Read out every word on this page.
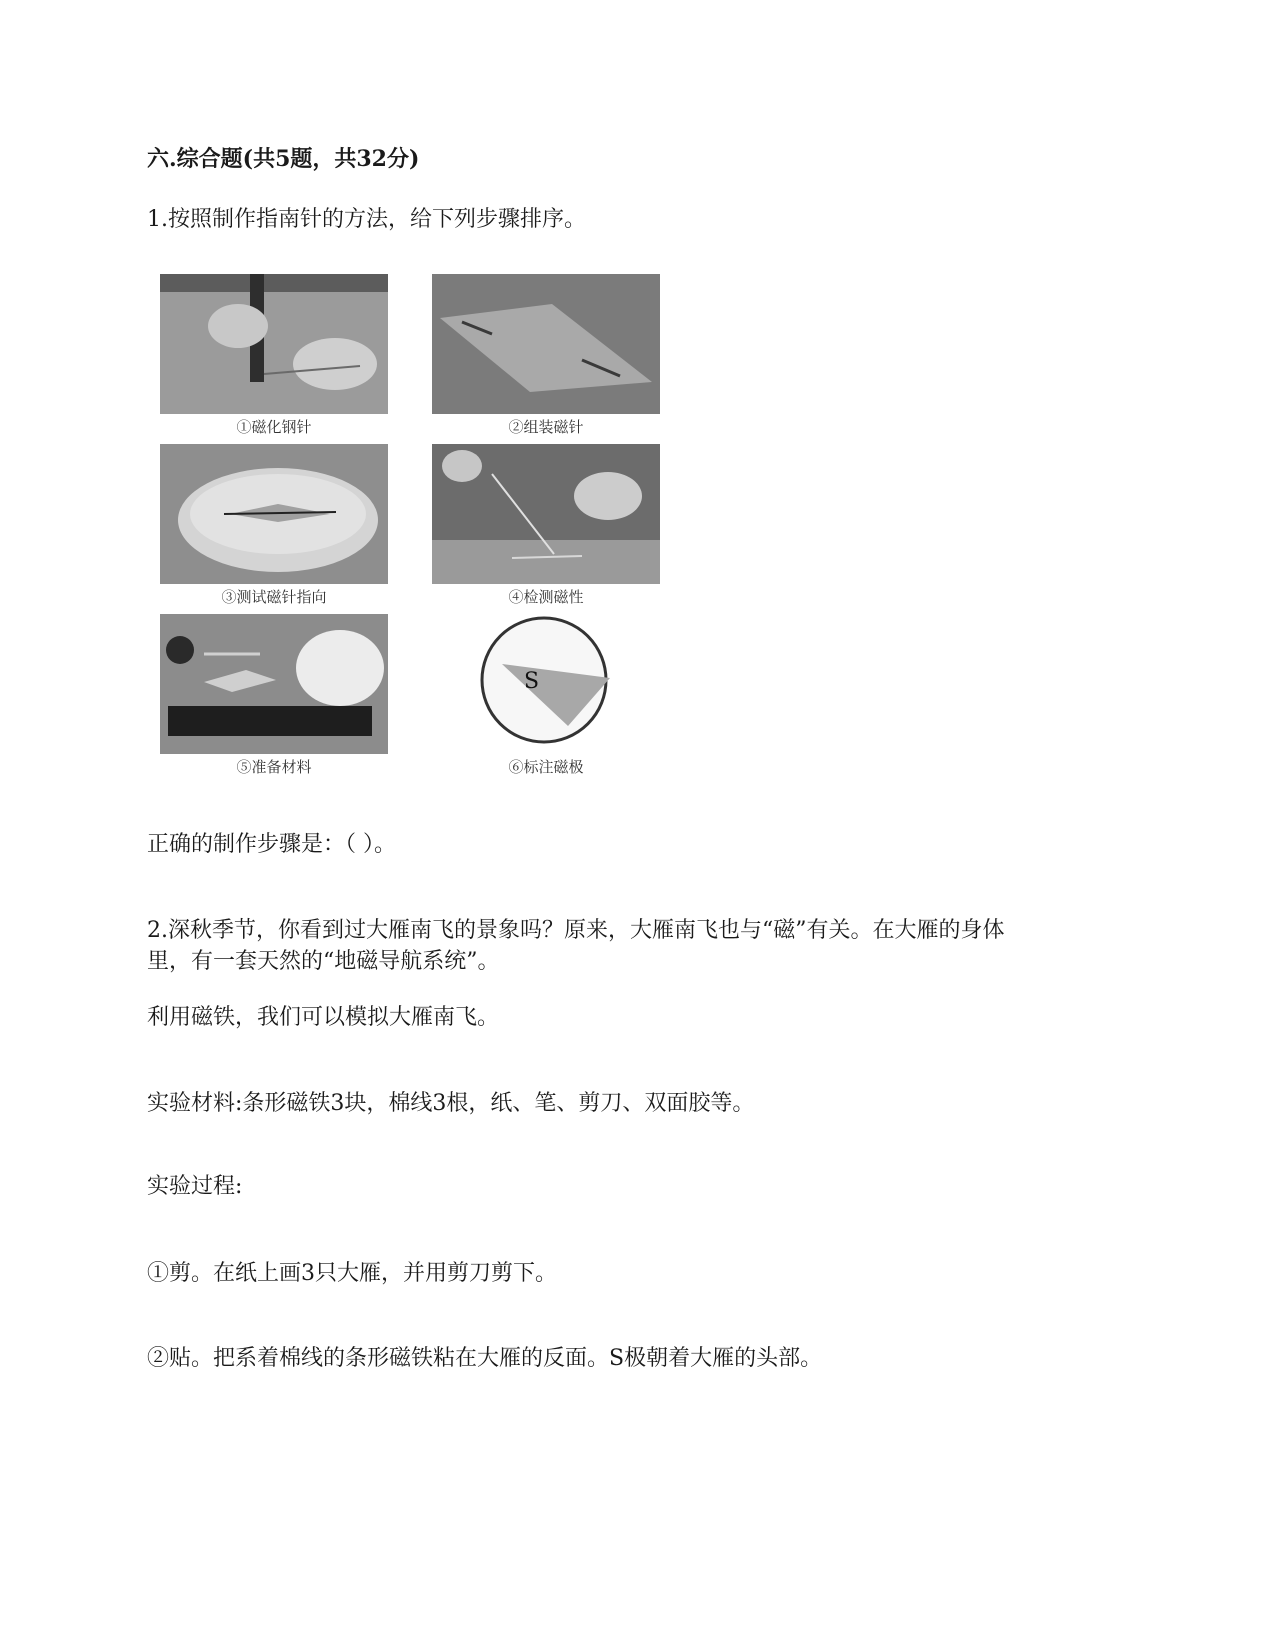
六.综合题(共5题，共32分)
1.按照制作指南针的方法，给下列步骤排序。
①磁化钢针	②组装磁针
③测试磁针指向	④检测磁性
⑤准备材料
S
⑥标注磁极
正确的制作步骤是：（ ）。
2.深秋季节，你看到过大雁南飞的景象吗？原来，大雁南飞也与“磁”有关。在大雁的身体
里，有一套天然的“地磁导航系统”。
利用磁铁，我们可以模拟大雁南飞。
实验材料:条形磁铁3块，棉线3根，纸、笔、剪刀、双面胶等。
实验过程:
①剪。在纸上画3只大雁，并用剪刀剪下。
②贴。把系着棉线的条形磁铁粘在大雁的反面。S极朝着大雁的头部。
